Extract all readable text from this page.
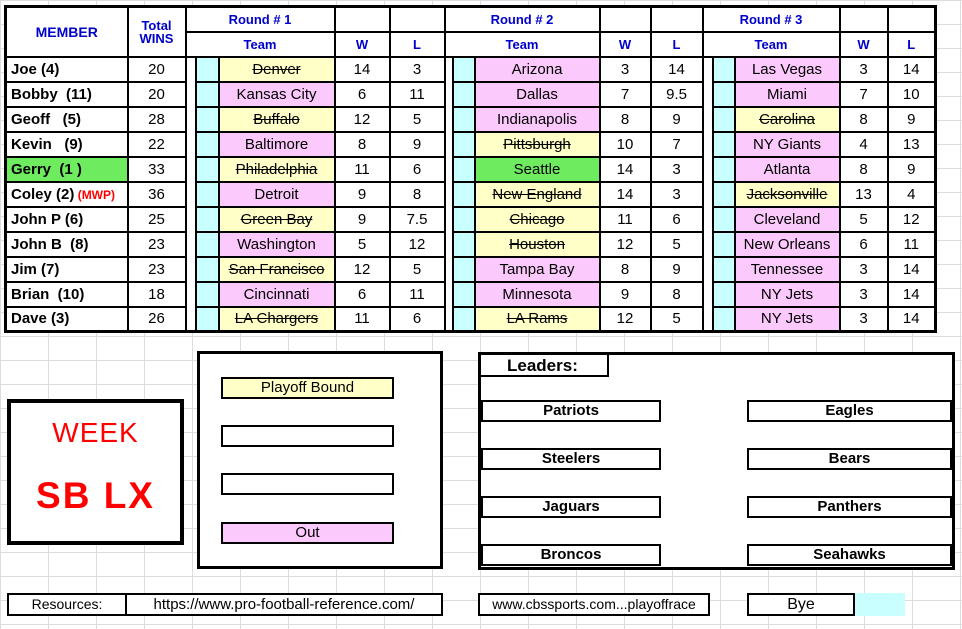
MEMBER	Total
WINS	Round # 1					Round # 2					Round # 3				
		Team			W	L	Team			W	L	Team			W	L
Joe (4)	20			Denver	14	3			Arizona	3	14			Las Vegas	3	14
Bobby  (11)	20			Kansas City	6	11			Dallas	7	9.5			Miami	7	10
Geoff   (5)	28			Buffalo	12	5			Indianapolis	8	9			Carolina	8	9
Kevin   (9)	22			Baltimore	8	9			Pittsburgh	10	7			NY Giants	4	13
Gerry  (1 )	33			Philadelphia	11	6			Seattle	14	3			Atlanta	8	9
Coley (2) (MWP)	36			Detroit	9	8			New England	14	3			Jacksonville	13	4
John P (6)	25			Green Bay	9	7.5			Chicago	11	6			Cleveland	5	12
John B  (8)	23			Washington	5	12			Houston	12	5			New Orleans	6	11
Jim (7)	23			San Francisco	12	5			Tampa Bay	8	9			Tennessee	3	14
Brian  (10)	18			Cincinnati	6	11			Minnesota	9	8			NY Jets	3	14
Dave (3)	26			LA Chargers	11	6			LA Rams	12	5			NY Jets	3	14
WEEK
SB LX
Playoff Bound
Out
Leaders:
Patriots
Steelers
Jaguars
Broncos
Eagles
Bears
Panthers
Seahawks
Resources:	https://www.pro-football-reference.com/	www.cbssports.com...playoffrace	Bye
